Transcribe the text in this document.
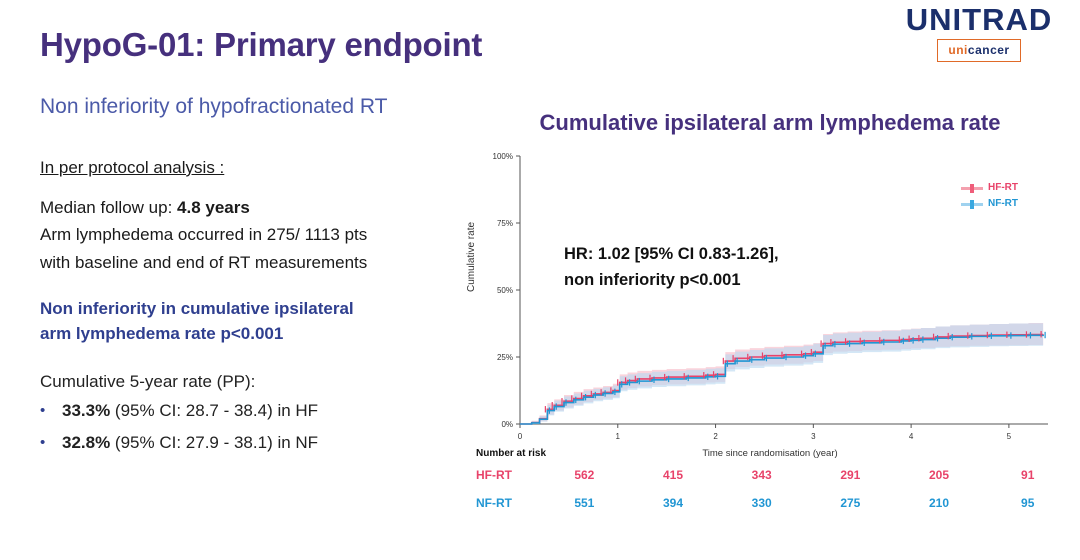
UNITRAD
unicancer
HypoG-01: Primary endpoint
Non inferiority of hypofractionated RT
In per protocol analysis :
Median follow up: 4.8 years
Arm lymphedema occurred in 275/ 1113 pts
with baseline and end of RT measurements
Non inferiority in cumulative ipsilateral
arm lymphedema rate p<0.001
Cumulative 5-year rate (PP):
• 33.3% (95% CI: 28.7 - 38.4) in HF
• 32.8% (95% CI: 27.9 - 38.1) in NF
Cumulative ipsilateral arm lymphedema rate
0%
25%
50%
75%
100%
0	1	2	3	4	5
Cumulative rate
HF-RT
NF-RT
HR: 1.02 [95% CI 0.83-1.26],
non inferiority p<0.001
Time since randomisation (year)
Number at risk
HF-RT	562	415	343	291	205	91
NF-RT	551	394	330	275	210	95
